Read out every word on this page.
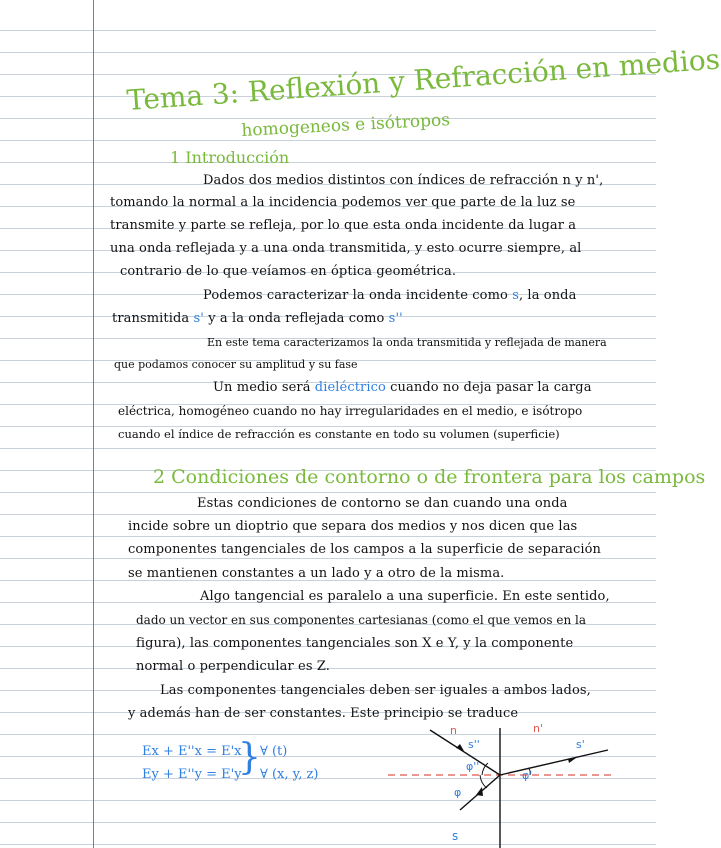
Tema 3: Reflexión y Refracción en medios
homogeneos e isótropos
1 Introducción
Dados dos medios distintos con índices de refracción n y n',
tomando la normal a la incidencia podemos ver que parte de la luz se
transmite y parte se refleja, por lo que esta onda incidente da lugar a
una onda reflejada y a una onda transmitida, y esto ocurre siempre, al
contrario de lo que veíamos en óptica geométrica.
Podemos caracterizar la onda incidente como s, la onda
transmitida s' y a la onda reflejada como s''
En este tema caracterizamos la onda transmitida y reflejada de manera
que podamos conocer su amplitud y su fase
Un medio será dieléctrico cuando no deja pasar la carga
eléctrica, homogéneo cuando no hay irregularidades en el medio, e isótropo
cuando el índice de refracción es constante en todo su volumen (superficie)
2 Condiciones de contorno o de frontera para los campos
Estas condiciones de contorno se dan cuando una onda
incide sobre un dioptrio que separa dos medios y nos dicen que las
componentes tangenciales de los campos a la superficie de separación
se mantienen constantes a un lado y a otro de la misma.
Algo tangencial es paralelo a una superficie. En este sentido,
dado un vector en sus componentes cartesianas (como el que vemos en la
figura), las componentes tangenciales son X e Y, y la componente
normal o perpendicular es Z.
Las componentes tangenciales deben ser iguales a ambos lados,
y además han de ser constantes. Este principio se traduce
Ex + E''x = E'x
Ey + E''y = E'y
} ∀ (t)
∀ (x, y, z)
n	n'
s''	s'
s
φ
φ''
φ'
